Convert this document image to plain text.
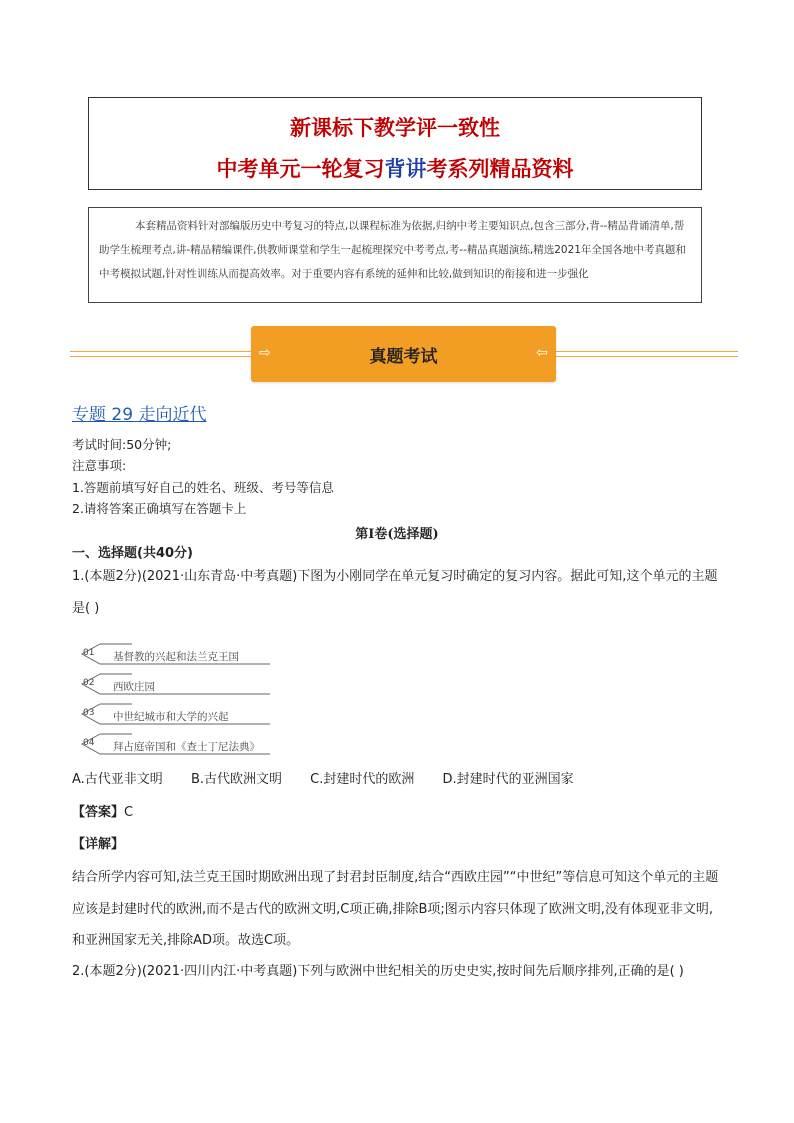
新课标下教学评一致性
中考单元一轮复习背讲考系列精品资料

本套精品资料针对部编版历史中考复习的特点,以课程标准为依据,归纳中考主要知识点,包含三部分,背--精品背诵清单,帮助学生梳理考点,讲-精品精编课件,供教师课堂和学生一起梳理探究中考考点,考--精品真题演练,精选2021年全国各地中考真题和中考模拟试题,针对性训练从而提高效率。对于重要内容有系统的延伸和比较,做到知识的衔接和进一步强化

⇨	真题考试	⇦
专题 29 走向近代
考试时间:50分钟;
注意事项:
1.答题前填写好自己的姓名、班级、考号等信息
2.请将答案正确填写在答题卡上
第I卷(选择题)
一、选择题(共40分)
1.(本题2分)(2021·山东青岛·中考真题)下图为小刚同学在单元复习时确定的复习内容。据此可知,这个单元的主题是( )
01 基督教的兴起和法兰克王国
02 西欧庄园
03 中世纪城市和大学的兴起
04 拜占庭帝国和《查士丁尼法典》
A.古代亚非文明 B.古代欧洲文明 C.封建时代的欧洲 D.封建时代的亚洲国家
【答案】C
【详解】
结合所学内容可知,法兰克王国时期欧洲出现了封君封臣制度,结合“西欧庄园”“中世纪”等信息可知这个单元的主题应该是封建时代的欧洲,而不是古代的欧洲文明,C项正确,排除B项;图示内容只体现了欧洲文明,没有体现亚非文明,和亚洲国家无关,排除AD项。故选C项。
2.(本题2分)(2021·四川内江·中考真题)下列与欧洲中世纪相关的历史史实,按时间先后顺序排列,正确的是( )
